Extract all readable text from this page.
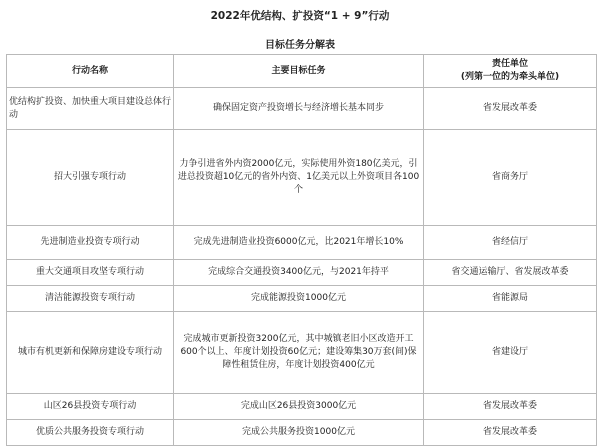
2022年优结构、扩投资“1 + 9”行动
目标任务分解表
行动名称	主要目标任务	责任单位
(列第一位的为牵头单位)

优结构扩投资、加快重大项目建设总体行动	确保固定资产投资增长与经济增长基本同步	省发展改革委
招大引强专项行动	力争引进省外内资2000亿元，实际使用外资180亿美元，引进总投资超10亿元的省外内资、1亿美元以上外资项目各100个	省商务厅
先进制造业投资专项行动	完成先进制造业投资6000亿元，比2021年增长10%	省经信厅
重大交通项目攻坚专项行动	完成综合交通投资3400亿元，与2021年持平	省交通运输厅、省发展改革委
清洁能源投资专项行动	完成能源投资1000亿元	省能源局
城市有机更新和保障房建设专项行动	完成城市更新投资3200亿元，其中城镇老旧小区改造开工600个以上、年度计划投资60亿元；建设筹集30万套(间)保障性租赁住房，年度计划投资400亿元	省建设厅
山区26县投资专项行动	完成山区26县投资3000亿元	省发展改革委
优质公共服务投资专项行动	完成公共服务投资1000亿元	省发展改革委
